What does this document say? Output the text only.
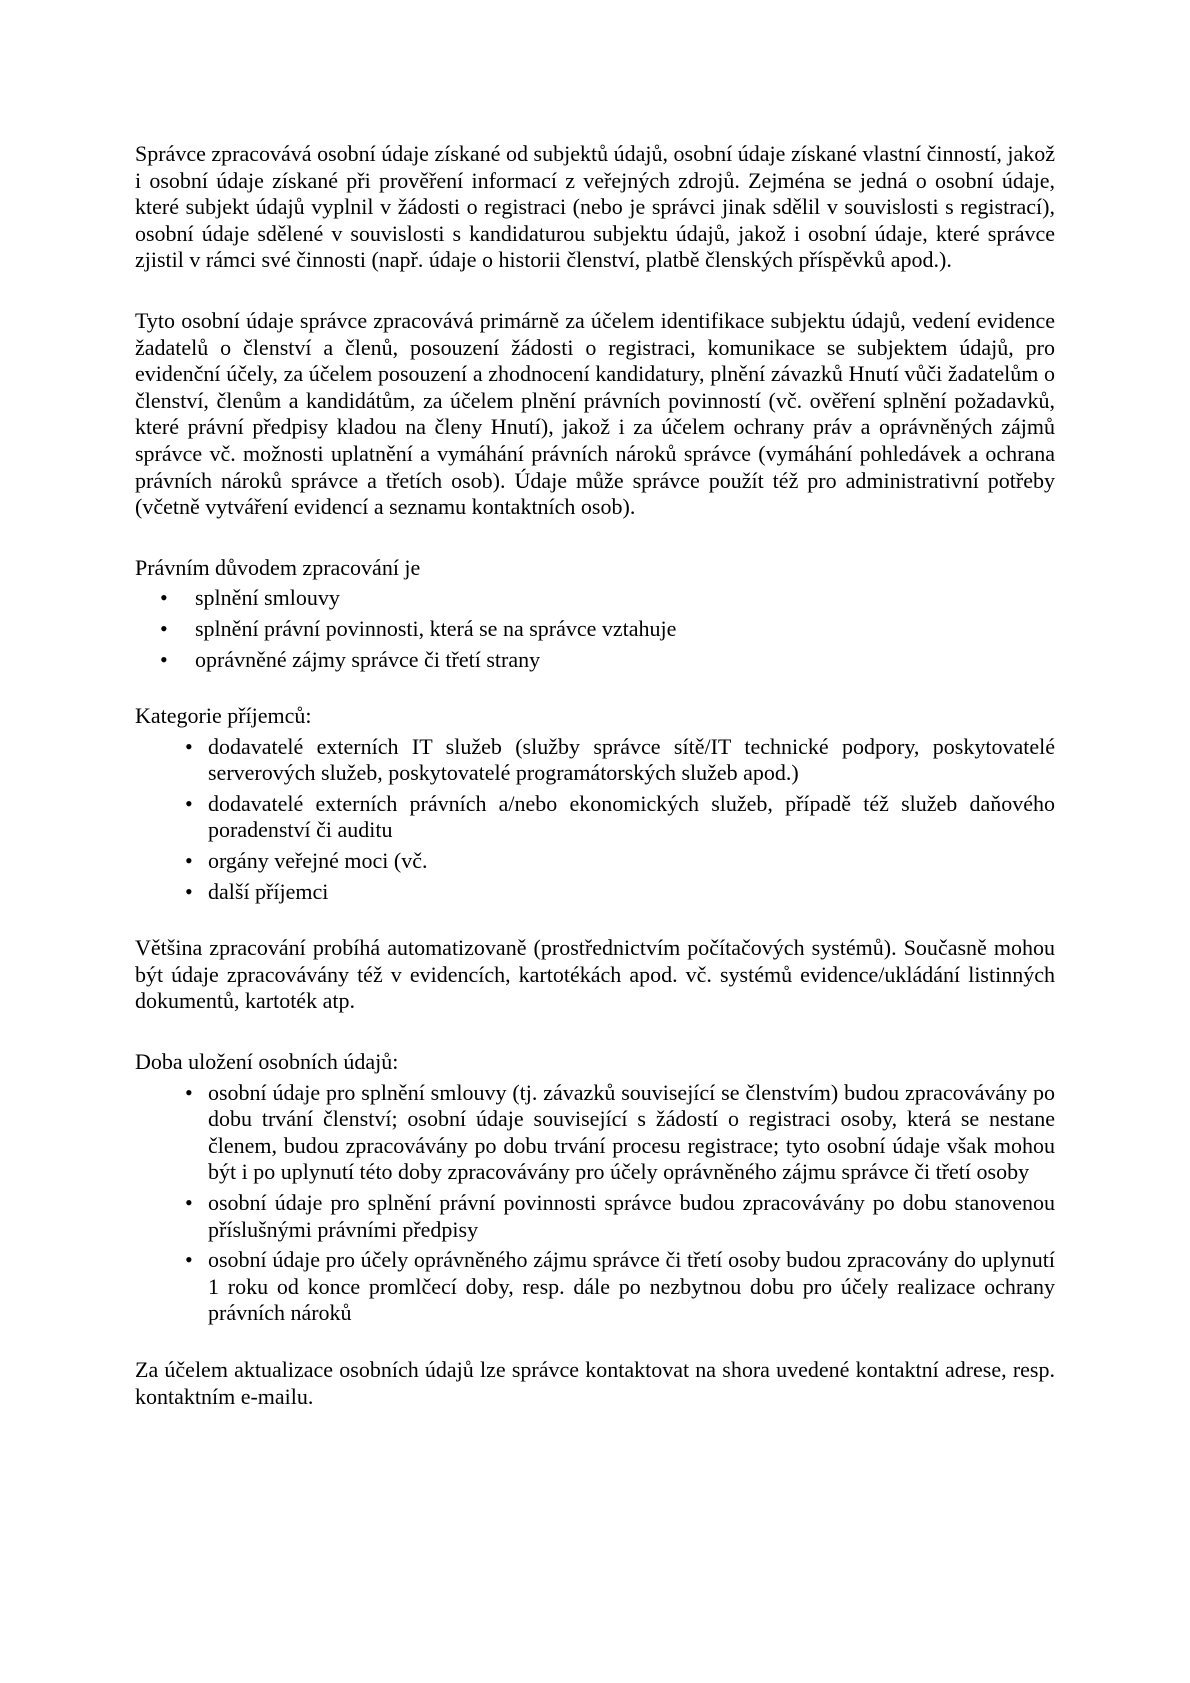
Správce zpracovává osobní údaje získané od subjektů údajů, osobní údaje získané vlastní činností, jakož i osobní údaje získané při prověření informací z veřejných zdrojů. Zejména se jedná o osobní údaje, které subjekt údajů vyplnil v žádosti o registraci (nebo je správci jinak sdělil v souvislosti s registrací), osobní údaje sdělené v souvislosti s kandidaturou subjektu údajů, jakož i osobní údaje, které správce zjistil v rámci své činnosti (např. údaje o historii členství, platbě členských příspěvků apod.).

Tyto osobní údaje správce zpracovává primárně za účelem identifikace subjektu údajů, vedení evidence žadatelů o členství a členů, posouzení žádosti o registraci, komunikace se subjektem údajů, pro evidenční účely, za účelem posouzení a zhodnocení kandidatury, plnění závazků Hnutí vůči žadatelům o členství, členům a kandidátům, za účelem plnění právních povinností (vč. ověření splnění požadavků, které právní předpisy kladou na členy Hnutí), jakož i za účelem ochrany práv a oprávněných zájmů správce vč. možnosti uplatnění a vymáhání právních nároků správce (vymáhání pohledávek a ochrana právních nároků správce a třetích osob). Údaje může správce použít též pro administrativní potřeby (včetně vytváření evidencí a seznamu kontaktních osob).

Právním důvodem zpracování je

• splnění smlouvy
• splnění právní povinnosti, která se na správce vztahuje
• oprávněné zájmy správce či třetí strany

Kategorie příjemců:

• dodavatelé externích IT služeb (služby správce sítě/IT technické podpory, poskytovatelé serverových služeb, poskytovatelé programátorských služeb apod.)
• dodavatelé externích právních a/nebo ekonomických služeb, případě též služeb daňového poradenství či auditu
• orgány veřejné moci (vč.
• další příjemci

Většina zpracování probíhá automatizovaně (prostřednictvím počítačových systémů). Současně mohou být údaje zpracovávány též v evidencích, kartotékách apod. vč. systémů evidence/ukládání listinných dokumentů, kartoték atp.

Doba uložení osobních údajů:

• osobní údaje pro splnění smlouvy (tj. závazků související se členstvím) budou zpracovávány po dobu trvání členství; osobní údaje související s žádostí o registraci osoby, která se nestane členem, budou zpracovávány po dobu trvání procesu registrace; tyto osobní údaje však mohou být i po uplynutí této doby zpracovávány pro účely oprávněného zájmu správce či třetí osoby
• osobní údaje pro splnění právní povinnosti správce budou zpracovávány po dobu stanovenou příslušnými právními předpisy
• osobní údaje pro účely oprávněného zájmu správce či třetí osoby budou zpracovány do uplynutí 1 roku od konce promlčecí doby, resp. dále po nezbytnou dobu pro účely realizace ochrany právních nároků

Za účelem aktualizace osobních údajů lze správce kontaktovat na shora uvedené kontaktní adrese, resp. kontaktním e-mailu.
